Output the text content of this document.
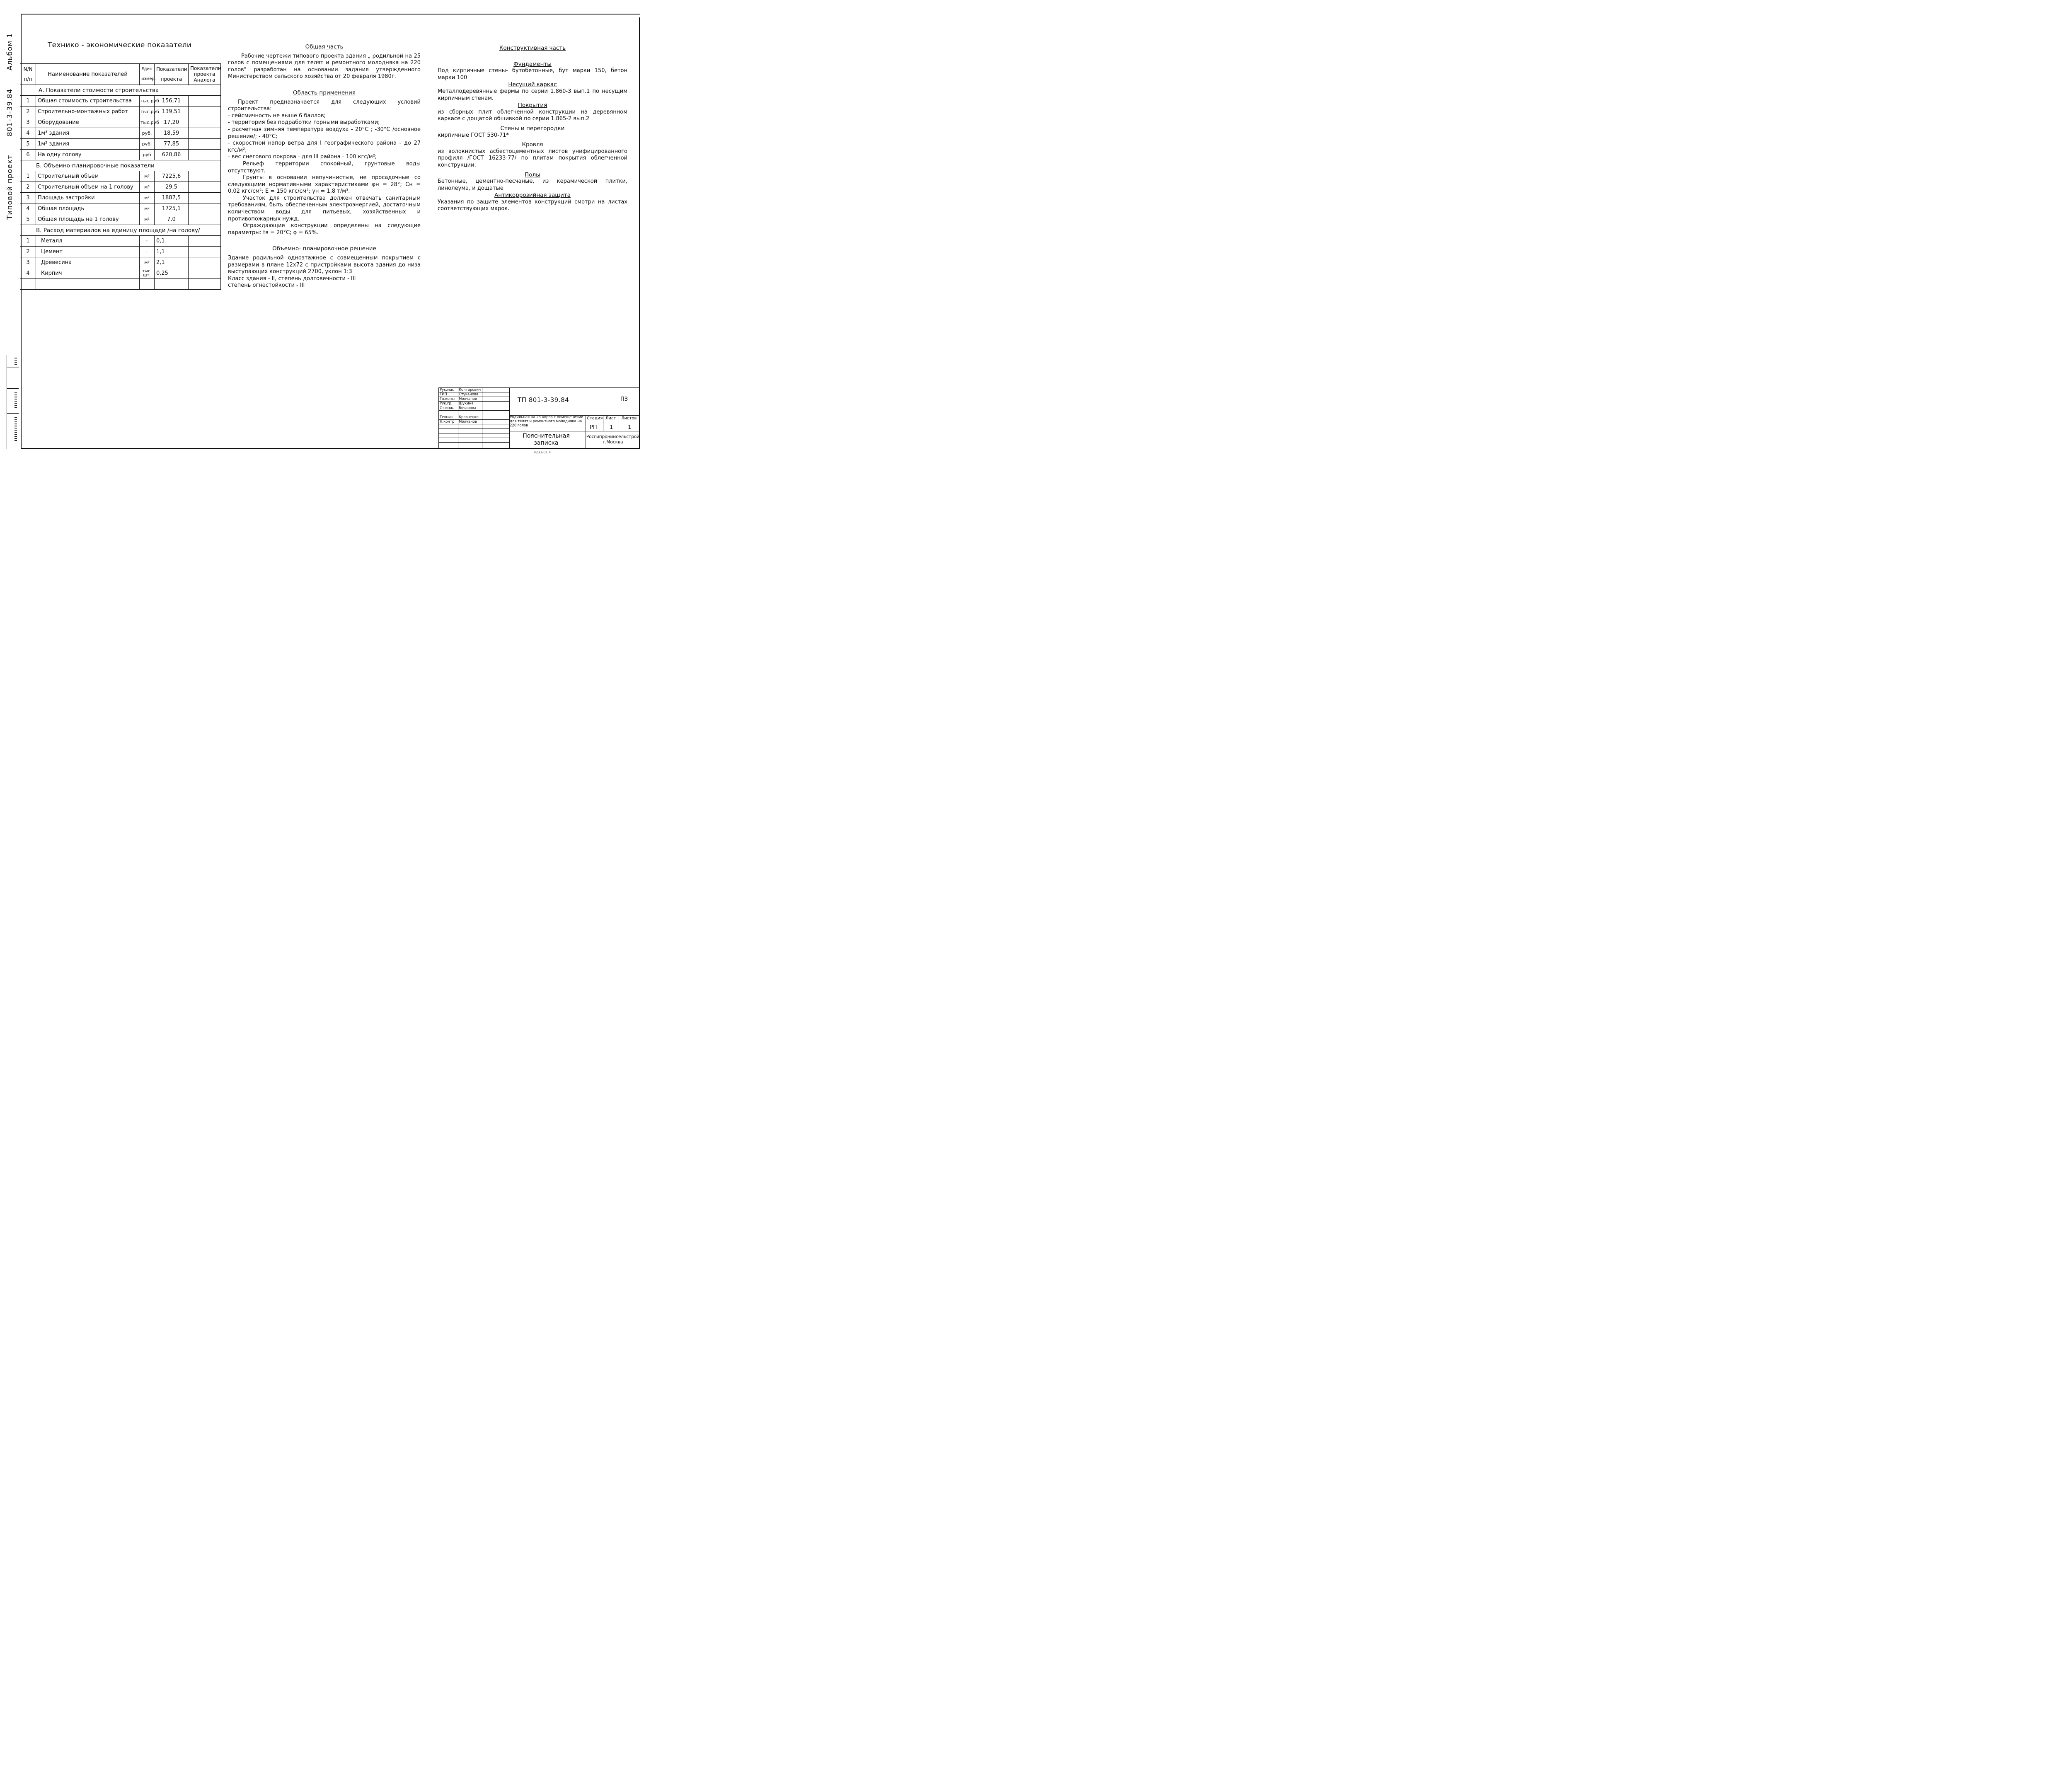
Типовой проект
801-3-39.84
Альбом 1	Технико - экономические показатели
N/N п/п	Наименование показателей	Един измер.	Показатели проекта	Показатели проекта Аналога

А. Показатели стоимости строительства				
1	Общая стоимость строительства	тыс.руб	156,71	
2	Строительно-монтажных работ	тыс.руб	139,51	
3	Оборудование	тыс.руб	17,20	
4	1м³ здания	руб.	18,59	
5	1м² здания	руб.	77,85	
6	На одну голову	руб	620,86	
Б. Объемно-планировочные показатели				
1	Строительный объем	м³	7225,6	
2	Строительный объем на 1 голову	м³	29,5	
3	Площадь застройки	м²	1887,5	
4	Общая площадь	м²	1725,1	
5	Общая площадь на 1 голову	м²	7.0	
В. Расход материалов на единицу площади /на голову/				
1	Металл	т	0,1	
2	Цемент	т	1,1	
3	Древесина	м³	2,1	
4	Кирпич	тыс. шт.	0,25	

Общая часть

Рабочие чертежи типового проекта здания „ родильной на 25 голов с помещениями для телят и ремонтного молодняка на 220 голов" разработан на основании задания утвержденного Министерством сельского хозяйства от 20 февраля 1980г.

Область применения

Проект предназначается для следующих условий строительства:

- сейсмичность не выше 6 баллов;

- территория без подработки горными выработками;

- расчетная зимняя температура воздуха - 20°С ; -30°С /основное решение/; - 40°С;

- скоростной напор ветра для I географического района - до 27 кгс/м²;

- вес снегового покрова - для III района - 100 кгс/м²;

Рельеф территории спокойный, грунтовые воды отсутствуют.

Грунты в основании непучинистые, не просадочные со следующими нормативными характеристиками φн = 28°; Сн = 0,02 кгс/см²; Е = 150 кгс/см²; γн = 1,8 т/м³.

Участок для строительства должен отвечать санитарным требованиям, быть обеспеченным электроэнергией, достаточным количеством воды для питьевых, хозяйственных и противопожарных нужд.

Ограждающие конструкции определены на следующие параметры: tв = 20°С; φ = 65%.

Объемно- планировочное решение

Здание родильной одноэтажное с совмещенным покрытием с размерами в плане 12х72 с пристройками высота здания до низа выступающих конструкций 2700, уклон 1:3

Класс здания - II, степень долговечности - III

степень огнестойкости - III

Конструктивная часть

Фундаменты

Под кирпичные стены- бутобетонные, бут марки 150, бетон марки 100

Несущий каркас

Металлодеревянные фермы по серии 1.860-3 вып.1 по несущим кирпичным стенам.

Покрытия

из сборных плит облегченной конструкции на деревянном каркасе с дощатой обшивкой по серии 1.865-2 вып.2

Стены и перегородки

кирпичные ГОСТ 530-71*

Кровля

из волокнистых асбестоцементных листов унифицированного профиля /ГОСТ 16233-77/ по плитам покрытия облегченной конструкции.

Полы

Бетонные, цементно-песчаные, из керамической плитки, линолеума, и дощатые

Антикоррозийная защита

Указания по защите элементов конструкций смотри на листах соответствующих марок.

Рук.мас Контарович
ГИП	Стуканова
Гл.конст Молчанов
Рук.гр. Шукина
Ст.инж. Бочарова
Техник Кравченко
Н.контр Молчанов
ТП 801-3-39.84	ПЗ
Родильная на 25 коров с помещениями для телят и ремонтного молодняка на 220 голов
Стадия Лист Листов
РП 1	1
Пояснительная записка
Росгипрониисельстрой г.Москва
4233-01 4
